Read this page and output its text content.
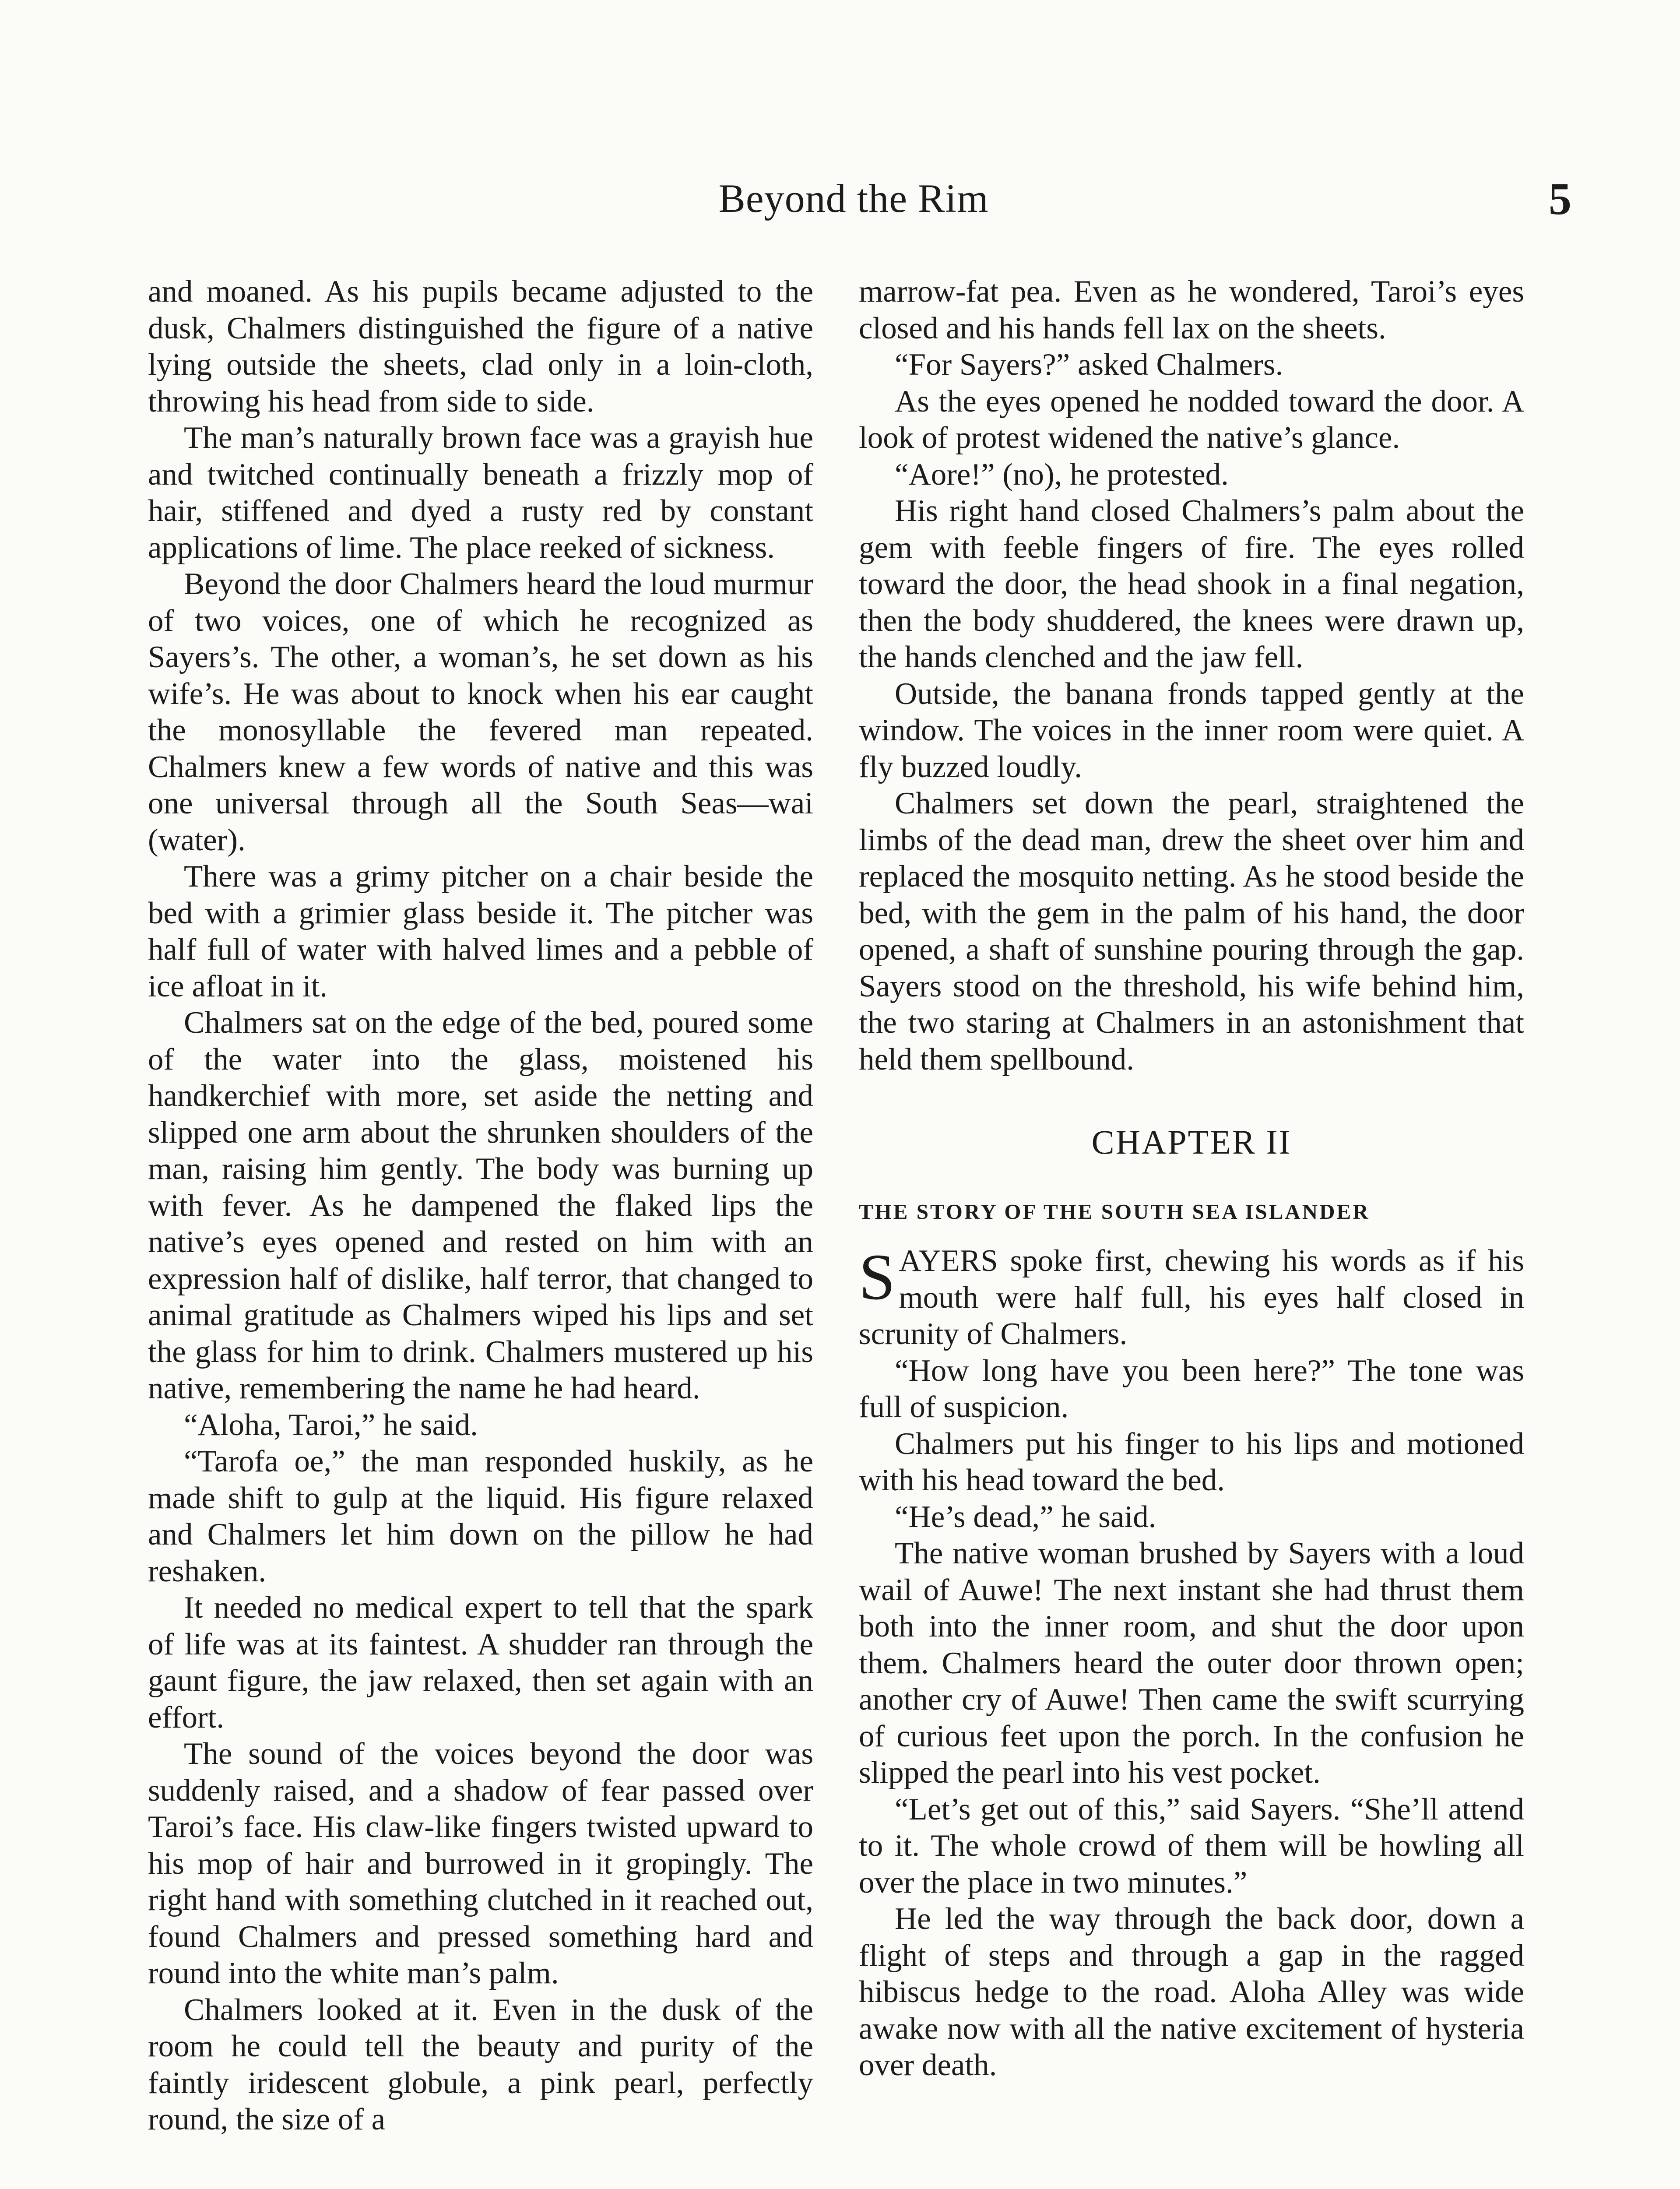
Beyond the Rim	5

and moaned. As his pupils became adjusted to the dusk, Chalmers distinguished the figure of a native lying outside the sheets, clad only in a loin-cloth, throwing his head from side to side.

The man’s naturally brown face was a grayish hue and twitched continually beneath a frizzly mop of hair, stiffened and dyed a rusty red by constant applications of lime. The place reeked of sickness.

Beyond the door Chalmers heard the loud murmur of two voices, one of which he recognized as Sayers’s. The other, a woman’s, he set down as his wife’s. He was about to knock when his ear caught the monosyllable the fevered man repeated. Chalmers knew a few words of native and this was one universal through all the South Seas—wai (water).

There was a grimy pitcher on a chair beside the bed with a grimier glass beside it. The pitcher was half full of water with halved limes and a pebble of ice afloat in it.

Chalmers sat on the edge of the bed, poured some of the water into the glass, moistened his handkerchief with more, set aside the netting and slipped one arm about the shrunken shoulders of the man, raising him gently. The body was burning up with fever. As he dampened the flaked lips the native’s eyes opened and rested on him with an expression half of dislike, half terror, that changed to animal gratitude as Chalmers wiped his lips and set the glass for him to drink. Chalmers mustered up his native, remembering the name he had heard.

“Aloha, Taroi,” he said.

“Tarofa oe,” the man responded huskily, as he made shift to gulp at the liquid. His figure relaxed and Chalmers let him down on the pillow he had reshaken.

It needed no medical expert to tell that the spark of life was at its faintest. A shudder ran through the gaunt figure, the jaw relaxed, then set again with an effort.

The sound of the voices beyond the door was suddenly raised, and a shadow of fear passed over Taroi’s face. His claw-like fingers twisted upward to his mop of hair and burrowed in it gropingly. The right hand with something clutched in it reached out, found Chalmers and pressed something hard and round into the white man’s palm.

Chalmers looked at it. Even in the dusk of the room he could tell the beauty and purity of the faintly iridescent globule, a pink pearl, perfectly round, the size of a

marrow-fat pea. Even as he wondered, Taroi’s eyes closed and his hands fell lax on the sheets.

“For Sayers?” asked Chalmers.

As the eyes opened he nodded toward the door. A look of protest widened the native’s glance.

“Aore!” (no), he protested.

His right hand closed Chalmers’s palm about the gem with feeble fingers of fire. The eyes rolled toward the door, the head shook in a final negation, then the body shuddered, the knees were drawn up, the hands clenched and the jaw fell.

Outside, the banana fronds tapped gently at the window. The voices in the inner room were quiet. A fly buzzed loudly.

Chalmers set down the pearl, straightened the limbs of the dead man, drew the sheet over him and replaced the mosquito netting. As he stood beside the bed, with the gem in the palm of his hand, the door opened, a shaft of sunshine pouring through the gap. Sayers stood on the threshold, his wife behind him, the two staring at Chalmers in an astonishment that held them spellbound.

CHAPTER II
THE STORY OF THE SOUTH SEA ISLANDER

SAYERS spoke first, chewing his words as if his mouth were half full, his eyes half closed in scrunity of Chalmers.

“How long have you been here?” The tone was full of suspicion.

Chalmers put his finger to his lips and motioned with his head toward the bed.

“He’s dead,” he said.

The native woman brushed by Sayers with a loud wail of Auwe! The next instant she had thrust them both into the inner room, and shut the door upon them. Chalmers heard the outer door thrown open; another cry of Auwe! Then came the swift scurrying of curious feet upon the porch. In the confusion he slipped the pearl into his vest pocket.

“Let’s get out of this,” said Sayers. “She’ll attend to it. The whole crowd of them will be howling all over the place in two minutes.”

He led the way through the back door, down a flight of steps and through a gap in the ragged hibiscus hedge to the road. Aloha Alley was wide awake now with all the native excitement of hysteria over death.
